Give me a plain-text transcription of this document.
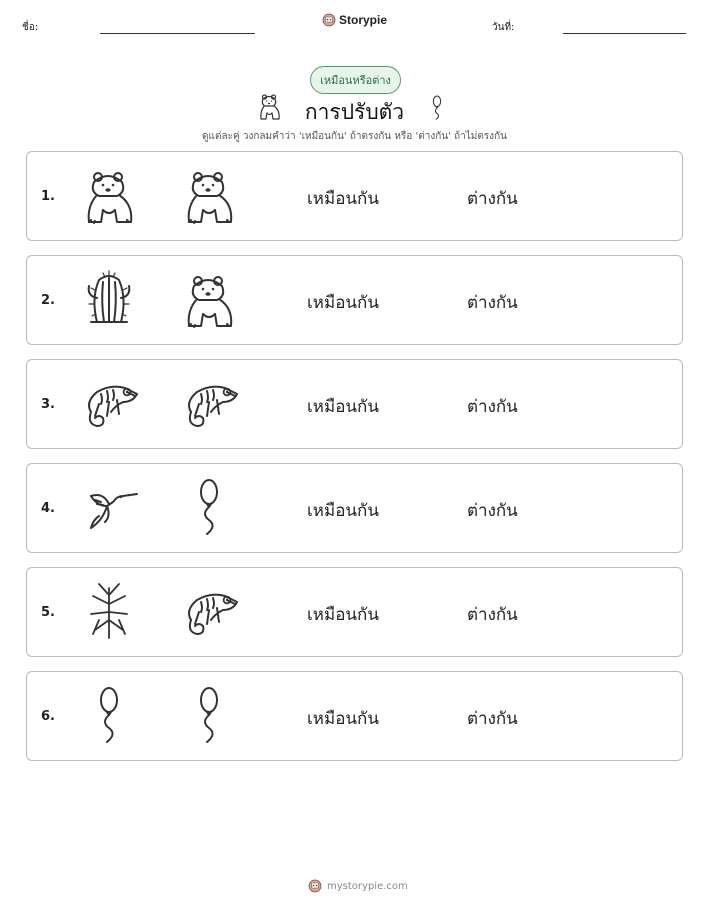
ชื่อ:
Storypie
วันที่:
เหมือนหรือต่าง
การปรับตัว
ดูแต่ละคู่ วงกลมคำว่า 'เหมือนกัน' ถ้าตรงกัน หรือ 'ต่างกัน' ถ้าไม่ตรงกัน
1.	เหมือนกัน	ต่างกัน
2.	เหมือนกัน	ต่างกัน
3.	เหมือนกัน	ต่างกัน
4.	เหมือนกัน	ต่างกัน
5.	เหมือนกัน	ต่างกัน
6.	เหมือนกัน	ต่างกัน
mystorypie.com
